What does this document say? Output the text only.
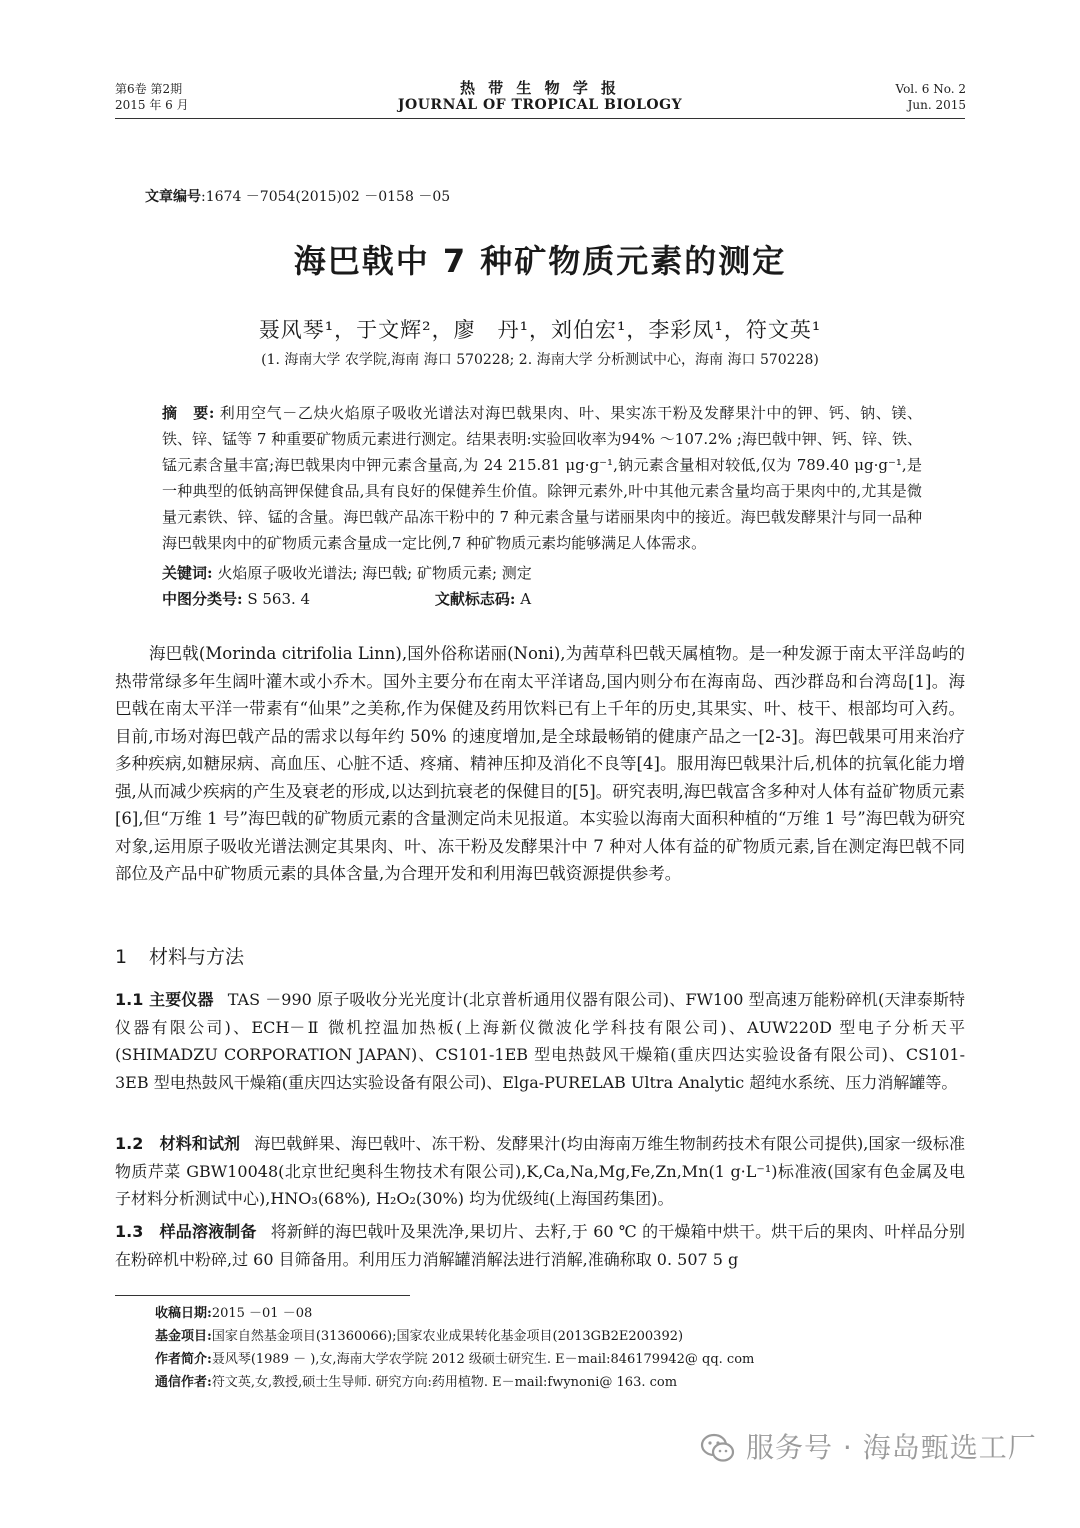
第6卷 第2期
2015 年 6 月
热 带 生 物 学 报
JOURNAL OF TROPICAL BIOLOGY
Vol. 6 No. 2
Jun. 2015
文章编号:1674 －7054(2015)02 －0158 －05
海巴戟中 7 种矿物质元素的测定
聂风琴¹，于文辉²，廖　丹¹，刘伯宏¹，李彩凤¹，符文英¹
(1. 海南大学 农学院,海南 海口 570228; 2. 海南大学 分析测试中心，海南 海口 570228)
摘　要: 利用空气－乙炔火焰原子吸收光谱法对海巴戟果肉、叶、果实冻干粉及发酵果汁中的钾、钙、钠、镁、铁、锌、锰等 7 种重要矿物质元素进行测定。结果表明:实验回收率为94% ～107.2% ;海巴戟中钾、钙、锌、铁、锰元素含量丰富;海巴戟果肉中钾元素含量高,为 24 215.81 μg·g⁻¹,钠元素含量相对较低,仅为 789.40 μg·g⁻¹,是一种典型的低钠高钾保健食品,具有良好的保健养生价值。除钾元素外,叶中其他元素含量均高于果肉中的,尤其是微量元素铁、锌、锰的含量。海巴戟产品冻干粉中的 7 种元素含量与诺丽果肉中的接近。海巴戟发酵果汁与同一品种海巴戟果肉中的矿物质元素含量成一定比例,7 种矿物质元素均能够满足人体需求。
关键词: 火焰原子吸收光谱法; 海巴戟; 矿物质元素; 测定
中图分类号: S 563. 4	文献标志码: A
海巴戟(Morinda citrifolia Linn),国外俗称诺丽(Noni),为茜草科巴戟天属植物。是一种发源于南太平洋岛屿的热带常绿多年生阔叶灌木或小乔木。国外主要分布在南太平洋诸岛,国内则分布在海南岛、西沙群岛和台湾岛[1]。海巴戟在南太平洋一带素有“仙果”之美称,作为保健及药用饮料已有上千年的历史,其果实、叶、枝干、根部均可入药。目前,市场对海巴戟产品的需求以每年约 50% 的速度增加,是全球最畅销的健康产品之一[2-3]。海巴戟果可用来治疗多种疾病,如糖尿病、高血压、心脏不适、疼痛、精神压抑及消化不良等[4]。服用海巴戟果汁后,机体的抗氧化能力增强,从而减少疾病的产生及衰老的形成,以达到抗衰老的保健目的[5]。研究表明,海巴戟富含多种对人体有益矿物质元素[6],但“万维 1 号”海巴戟的矿物质元素的含量测定尚未见报道。本实验以海南大面积种植的“万维 1 号”海巴戟为研究对象,运用原子吸收光谱法测定其果肉、叶、冻干粉及发酵果汁中 7 种对人体有益的矿物质元素,旨在测定海巴戟不同部位及产品中矿物质元素的具体含量,为合理开发和利用海巴戟资源提供参考。
1 材料与方法
1.1 主要仪器 TAS －990 原子吸收分光光度计(北京普析通用仪器有限公司)、FW100 型高速万能粉碎机(天津泰斯特仪器有限公司)、ECH－Ⅱ 微机控温加热板(上海新仪微波化学科技有限公司)、AUW220D 型电子分析天平(SHIMADZU CORPORATION JAPAN)、CS101-1EB 型电热鼓风干燥箱(重庆四达实验设备有限公司)、CS101-3EB 型电热鼓风干燥箱(重庆四达实验设备有限公司)、Elga-PURELAB Ultra Analytic 超纯水系统、压力消解罐等。
1.2　材料和试剂 海巴戟鲜果、海巴戟叶、冻干粉、发酵果汁(均由海南万维生物制药技术有限公司提供),国家一级标准物质芹菜 GBW10048(北京世纪奥科生物技术有限公司),K,Ca,Na,Mg,Fe,Zn,Mn(1 g·L⁻¹)标准液(国家有色金属及电子材料分析测试中心),HNO₃(68%), H₂O₂(30%) 均为优级纯(上海国药集团)。
1.3　样品溶液制备 将新鲜的海巴戟叶及果洗净,果切片、去籽,于 60 ℃ 的干燥箱中烘干。烘干后的果肉、叶样品分别在粉碎机中粉碎,过 60 目筛备用。利用压力消解罐消解法进行消解,准确称取 0. 507 5 g
收稿日期:2015 －01 －08
基金项目:国家自然基金项目(31360066);国家农业成果转化基金项目(2013GB2E200392)
作者简介:聂风琴(1989 － ),女,海南大学农学院 2012 级硕士研究生. E－mail:846179942@ qq. com
通信作者:符文英,女,教授,硕士生导师. 研究方向:药用植物. E－mail:fwynoni@ 163. com
服务号 · 海岛甄选工厂
